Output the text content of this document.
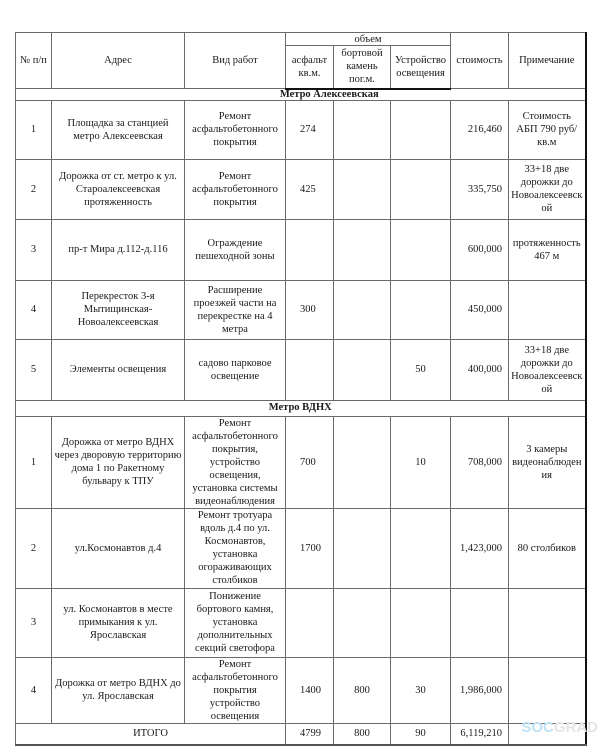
№ п/п	Адрес	Вид работ	объем			стоимость	Примечание
			асфальт кв.м.	бортовой камень пог.м.	Устройство освещения	
Метро Алексеевская							
1	Площадка за станцией метро Алексеевская	Ремонт асфальтобетонного покрытия	274			216,460	Стоимость АБП 790 руб/кв.м
2	Дорожка от ст. метро к ул. Староалексеевская протяженность	Ремонт асфальтобетонного покрытия	425			335,750	33+18 две дорожки до Новоалексеевск ой
3	пр-т Мира д.112-д.116	Ограждение пешеходной зоны				600,000	протяженность 467 м
4	Перекресток 3-я Мытищинская-Новоалексеевская	Расширение проезжей части на перекрестке на 4 метра	300			450,000	
5	Элементы освещения	садово парковое освещение			50	400,000	33+18 две дорожки до Новоалексеевск ой
Метро ВДНХ							
1	Дорожка от метро ВДНХ через дворовую территорию дома 1 по Ракетному бульвару к ТПУ	Ремонт асфальтобетонного покрытия, устройство освещения, установка системы видеонаблюдения	700		10	708,000	3 камеры видеонаблюден ия
2	ул.Космонавтов д.4	Ремонт тротуара вдоль д.4 по ул. Космонавтов, установка огораживающих столбиков	1700			1,423,000	80 столбиков
3	ул. Космонавтов в месте примыкания к ул. Ярославская	Понижение бортового камня, установка дополнительных секций светофора					
4	Дорожка от метро ВДНХ до ул. Ярославская	Ремонт асфальтобетонного покрытия устройство освещения	1400	800	30	1,986,000	
ИТОГО			4799	800	90	6,119,210	SOCGRAD
